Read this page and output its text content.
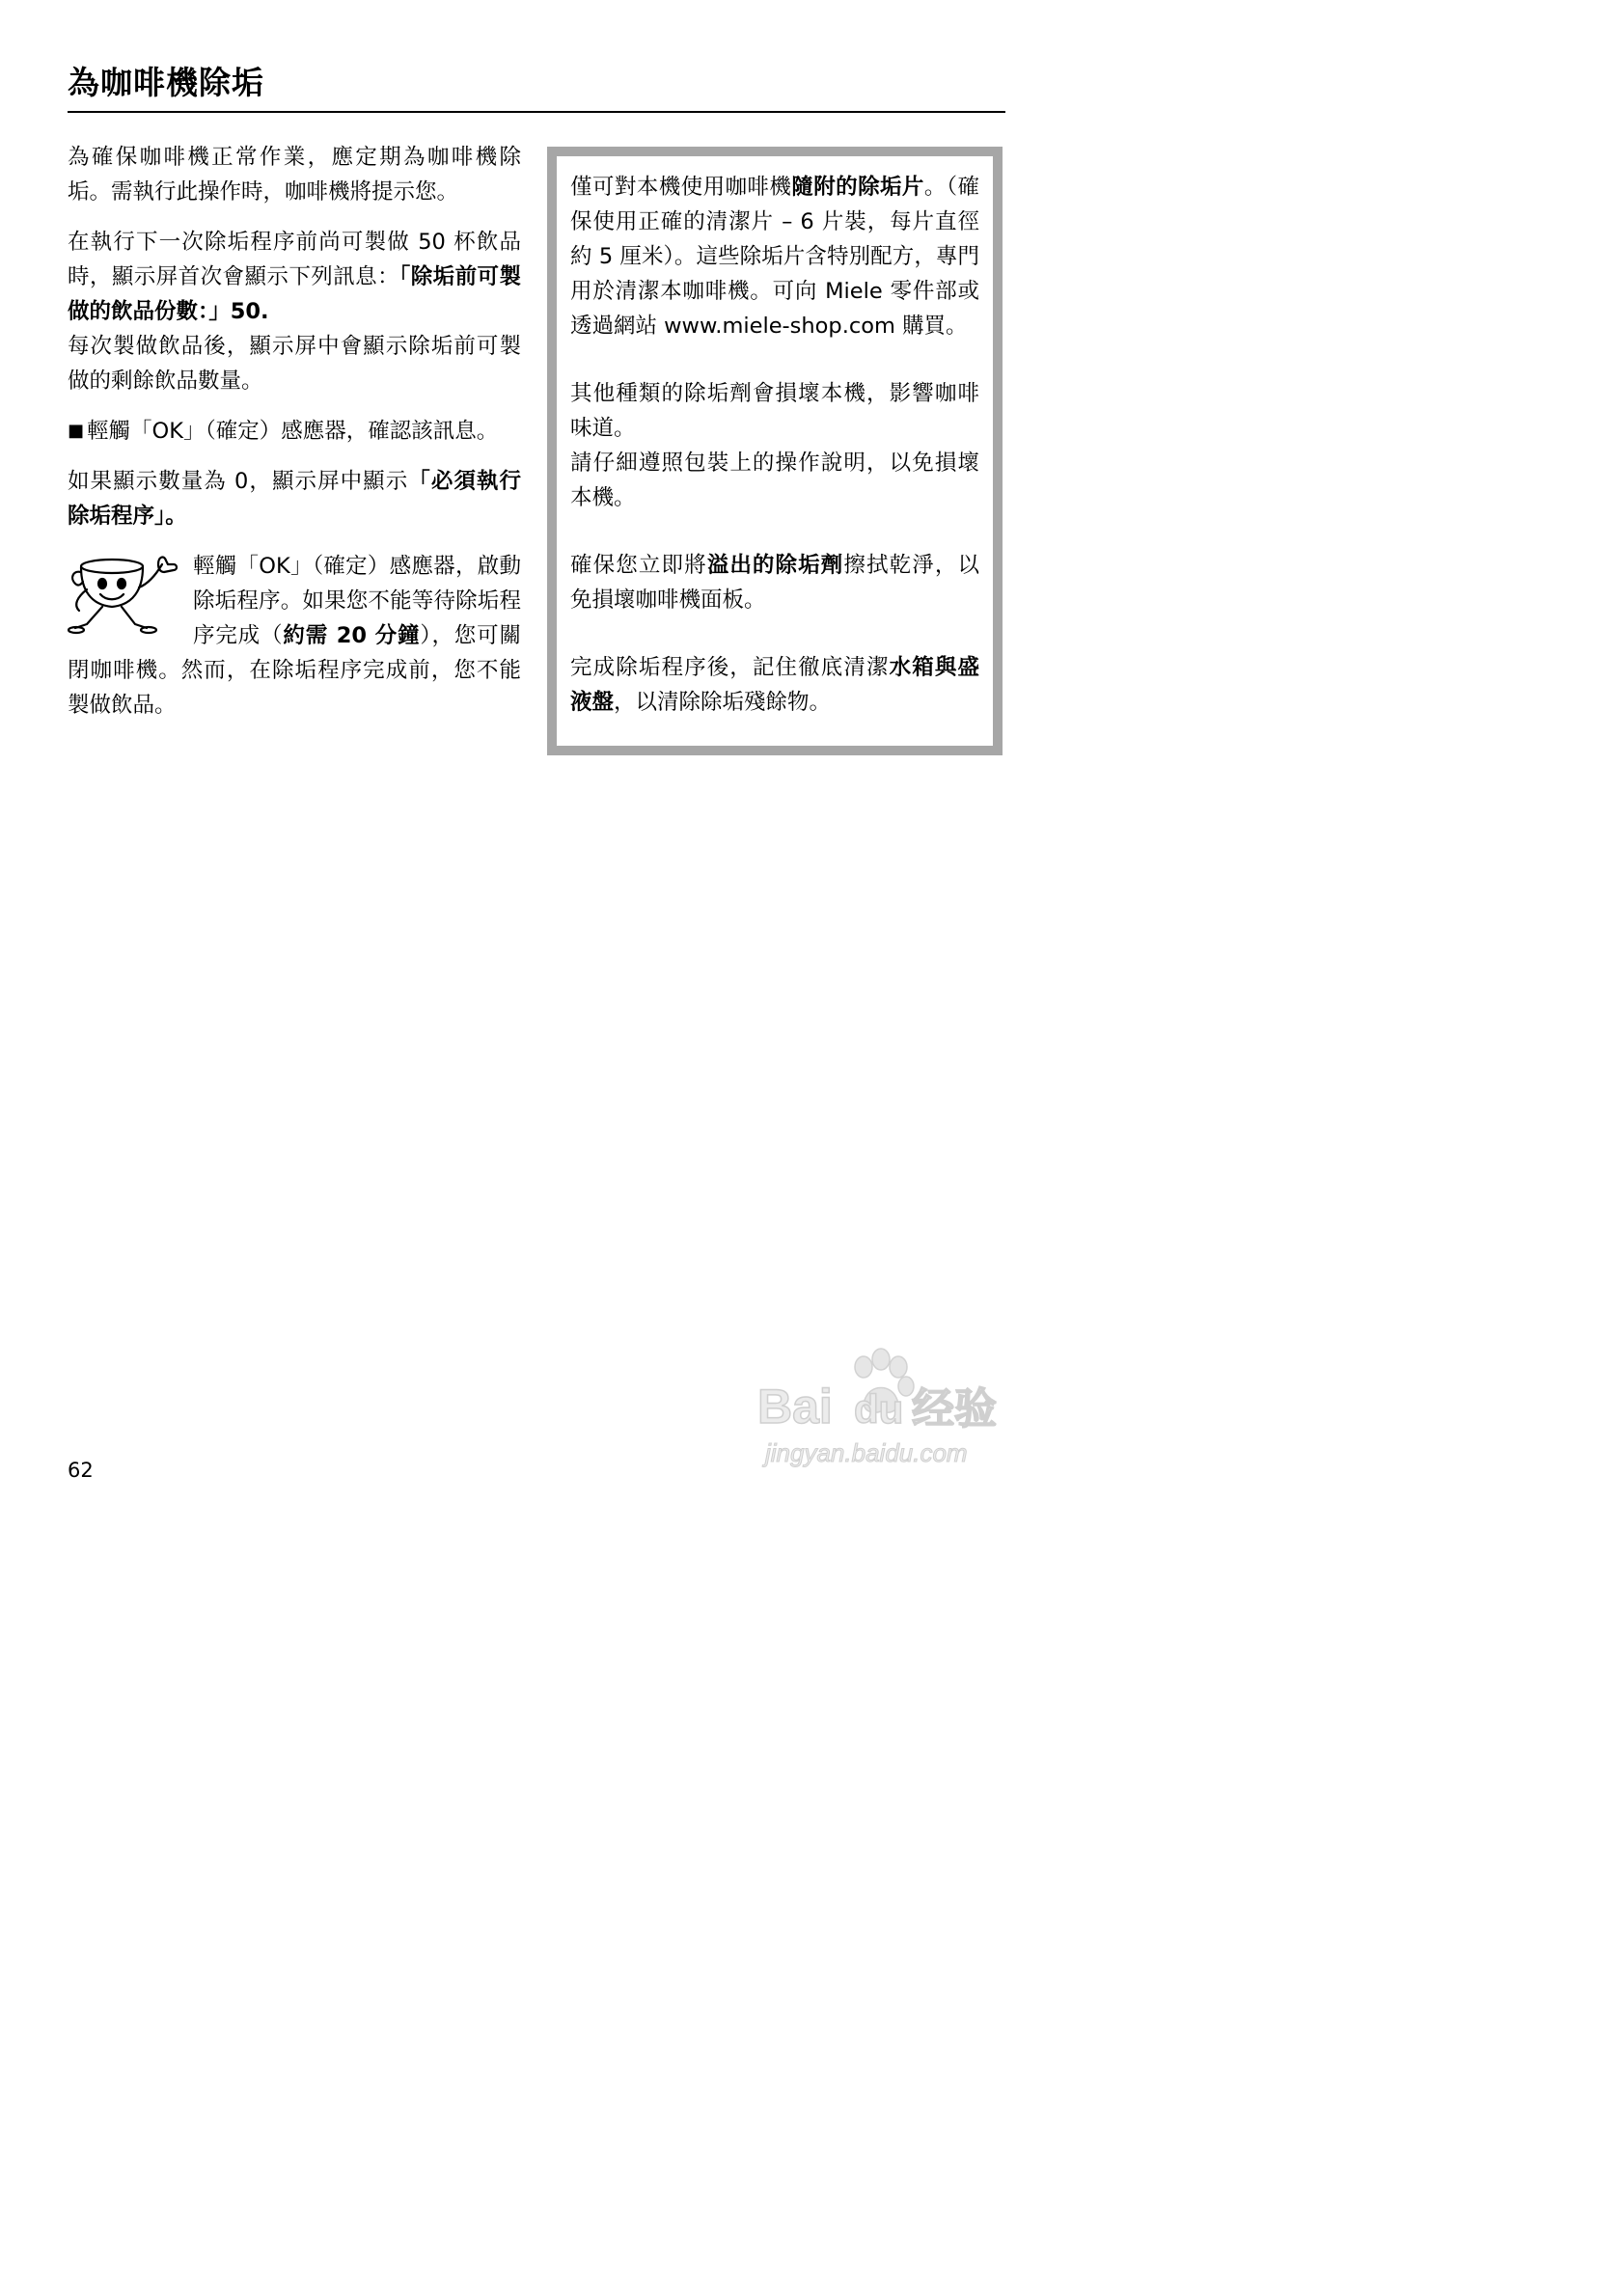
為咖啡機除垢

為確保咖啡機正常作業，應定期為咖啡機除垢。需執行此操作時，咖啡機將提示您。

在執行下一次除垢程序前尚可製做 50 杯飲品時，顯示屏首次會顯示下列訊息：「除垢前可製做的飲品份數：」50.
每次製做飲品後，顯示屏中會顯示除垢前可製做的剩餘飲品數量。

■ 輕觸「OK」（確定）感應器，確認該訊息。

如果顯示數量為 0，顯示屏中顯示「必須執行除垢程序」。

輕觸「OK」（確定）感應器，啟動除垢程序。如果您不能等待除垢程序完成（約需 20 分鐘），您可關閉咖啡機。然而，在除垢程序完成前，您不能製做飲品。

僅可對本機使用咖啡機隨附的除垢片。（確保使用正確的清潔片 – 6 片裝，每片直徑約 5 厘米）。這些除垢片含特別配方，專門用於清潔本咖啡機。可向 Miele 零件部或透過網站 www.miele-shop.com 購買。

其他種類的除垢劑會損壞本機，影響咖啡味道。
請仔細遵照包裝上的操作說明，以免損壞本機。

確保您立即將溢出的除垢劑擦拭乾淨，以免損壞咖啡機面板。

完成除垢程序後，記住徹底清潔水箱與盛液盤，以清除除垢殘餘物。

Bai du 经验
jingyan.baidu.com
62
